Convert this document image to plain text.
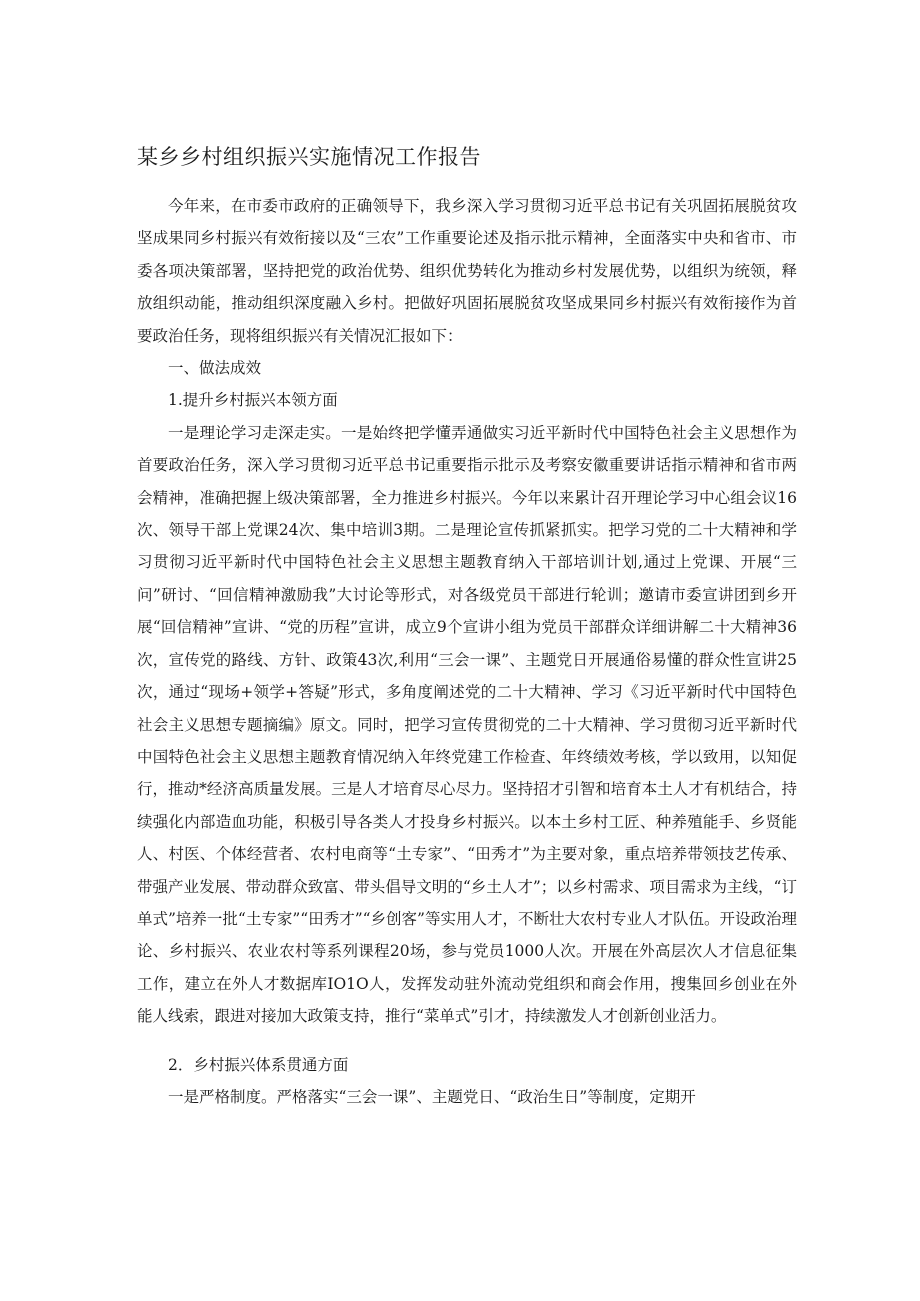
某乡乡村组织振兴实施情况工作报告

今年来，在市委市政府的正确领导下，我乡深入学习贯彻习近平总书记有关巩固拓展脱贫攻坚成果同乡村振兴有效衔接以及“三农”工作重要论述及指示批示精神，全面落实中央和省市、市委各项决策部署，坚持把党的政治优势、组织优势转化为推动乡村发展优势，以组织为统领，释放组织动能，推动组织深度融入乡村。把做好巩固拓展脱贫攻坚成果同乡村振兴有效衔接作为首要政治任务，现将组织振兴有关情况汇报如下：

一、做法成效

1.提升乡村振兴本领方面

一是理论学习走深走实。一是始终把学懂弄通做实习近平新时代中国特色社会主义思想作为首要政治任务，深入学习贯彻习近平总书记重要指示批示及考察安徽重要讲话指示精神和省市两会精神，准确把握上级决策部署，全力推进乡村振兴。今年以来累计召开理论学习中心组会议16次、领导干部上党课24次、集中培训3期。二是理论宣传抓紧抓实。把学习党的二十大精神和学习贯彻习近平新时代中国特色社会主义思想主题教育纳入干部培训计划,通过上党课、开展“三问”研讨、“回信精神激励我”大讨论等形式，对各级党员干部进行轮训；邀请市委宣讲团到乡开展“回信精神”宣讲、“党的历程”宣讲，成立9个宣讲小组为党员干部群众详细讲解二十大精神36次，宣传党的路线、方针、政策43次,利用“三会一课”、主题党日开展通俗易懂的群众性宣讲25次，通过“现场+领学+答疑”形式，多角度阐述党的二十大精神、学习《习近平新时代中国特色社会主义思想专题摘编》原文。同时，把学习宣传贯彻党的二十大精神、学习贯彻习近平新时代中国特色社会主义思想主题教育情况纳入年终党建工作检查、年终绩效考核，学以致用，以知促行，推动*经济高质量发展。三是人才培育尽心尽力。坚持招才引智和培育本土人才有机结合，持续强化内部造血功能，积极引导各类人才投身乡村振兴。以本土乡村工匠、种养殖能手、乡贤能人、村医、个体经营者、农村电商等“土专家”、“田秀才”为主要对象，重点培养带领技艺传承、带强产业发展、带动群众致富、带头倡导文明的“乡土人才”；以乡村需求、项目需求为主线，“订单式”培养一批“土专家”“田秀才”“乡创客”等实用人才，不断壮大农村专业人才队伍。开设政治理论、乡村振兴、农业农村等系列课程20场，参与党员1000人次。开展在外高层次人才信息征集工作，建立在外人才数据库IO1O人，发挥发动驻外流动党组织和商会作用，搜集回乡创业在外能人线索，跟进对接加大政策支持，推行“菜单式”引才，持续激发人才创新创业活力。

2．乡村振兴体系贯通方面

一是严格制度。严格落实“三会一课”、主题党日、“政治生日”等制度，定期开
